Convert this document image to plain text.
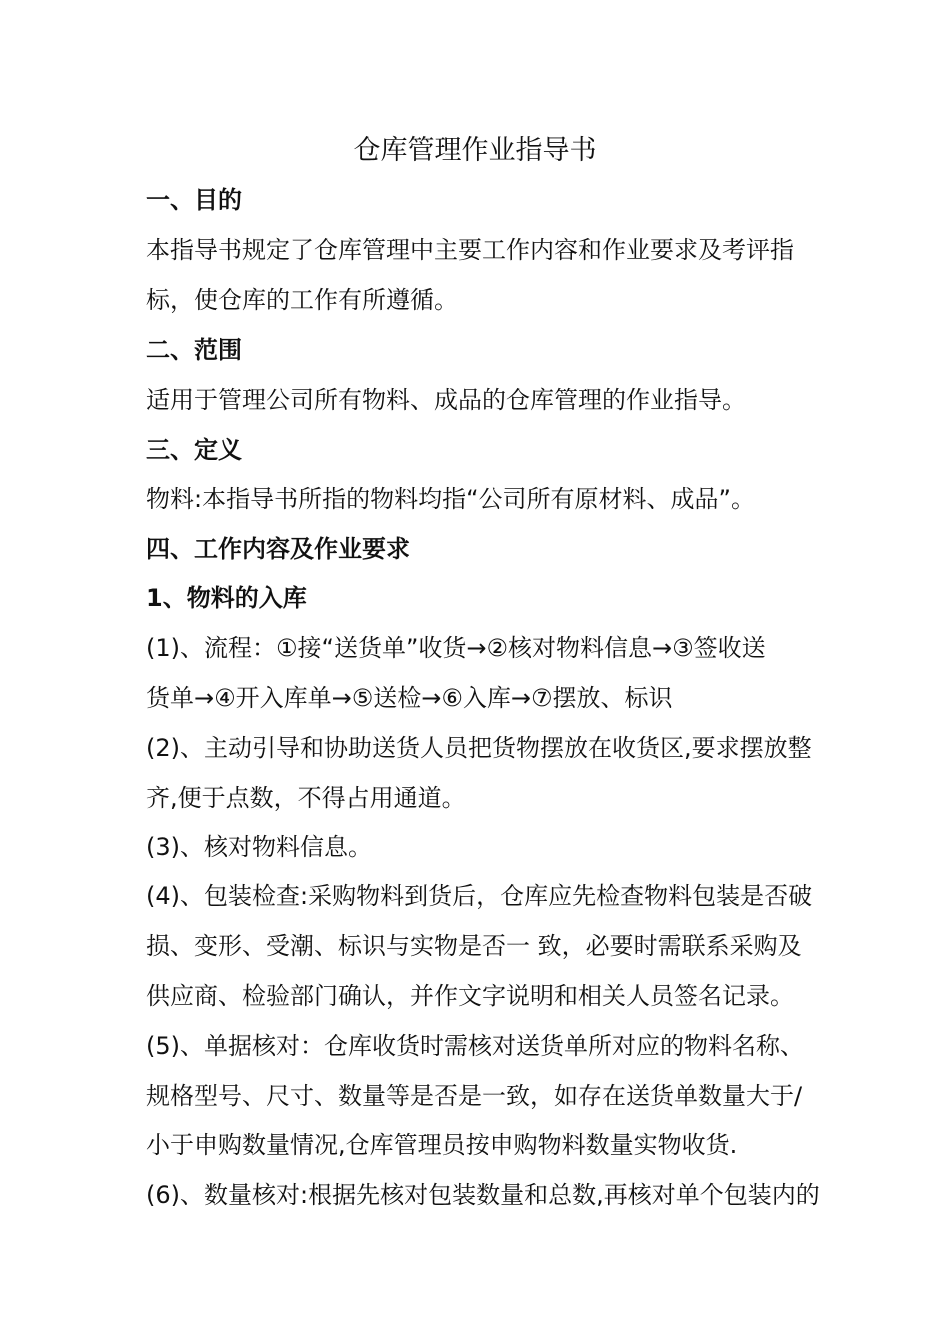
仓库管理作业指导书
一、目的
本指导书规定了仓库管理中主要工作内容和作业要求及考评指
标，使仓库的工作有所遵循。
二、范围
适用于管理公司所有物料、成品的仓库管理的作业指导。
三、定义
物料:本指导书所指的物料均指“公司所有原材料、成品”。
四、工作内容及作业要求
1、物料的入库
(1)、流程：①接“送货单”收货→②核对物料信息→③签收送
货单→④开入库单→⑤送检→⑥入库→⑦摆放、标识
(2)、主动引导和协助送货人员把货物摆放在收货区,要求摆放整
齐,便于点数，不得占用通道。
(3)、核对物料信息。
(4)、包装检查:采购物料到货后，仓库应先检查物料包装是否破
损、变形、受潮、标识与实物是否一 致，必要时需联系采购及
供应商、检验部门确认，并作文字说明和相关人员签名记录。
(5)、单据核对：仓库收货时需核对送货单所对应的物料名称、
规格型号、尺寸、数量等是否是一致，如存在送货单数量大于/
小于申购数量情况,仓库管理员按申购物料数量实物收货.
(6)、数量核对:根据先核对包装数量和总数,再核对单个包装内的
